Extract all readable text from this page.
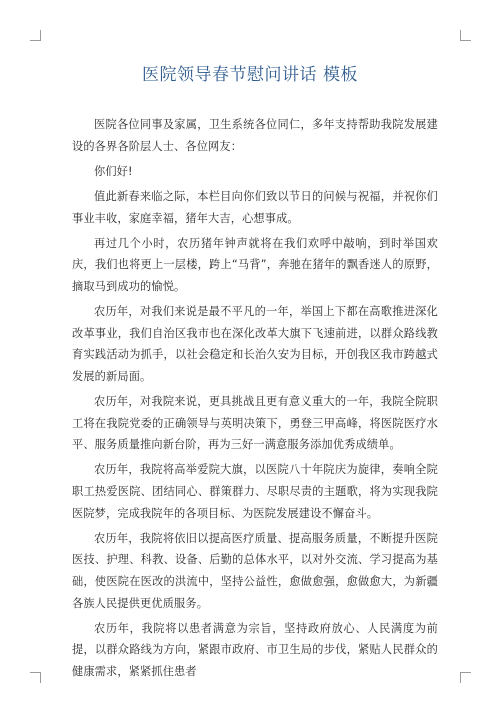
医院领导春节慰问讲话 模板

医院各位同事及家属，卫生系统各位同仁，多年支持帮助我院发展建设的各界各阶层人士、各位网友：

你们好!

值此新春来临之际，本栏目向你们致以节日的问候与祝福，并祝你们事业丰收，家庭幸福，猪年大吉，心想事成。

再过几个小时，农历猪年钟声就将在我们欢呼中敲响，到时举国欢庆，我们也将更上一层楼，跨上“马背”，奔驰在猪年的飘香迷人的原野，摘取马到成功的愉悦。

农历年，对我们来说是最不平凡的一年，举国上下都在高歌推进深化改革事业，我们自治区我市也在深化改革大旗下飞速前进，以群众路线教育实践活动为抓手，以社会稳定和长治久安为目标，开创我区我市跨越式发展的新局面。

农历年，对我院来说，更具挑战且更有意义重大的一年，我院全院职工将在我院党委的正确领导与英明决策下，勇登三甲高峰，将医院医疗水平、服务质量推向新台阶，再为三好一满意服务添加优秀成绩单。

农历年，我院将高举爱院大旗，以医院八十年院庆为旋律，奏响全院职工热爱医院、团结同心、群策群力、尽职尽责的主题歌，将为实现我院医院梦，完成我院年的各项目标、为医院发展建设不懈奋斗。

农历年，我院将依旧以提高医疗质量、提高服务质量，不断提升医院医技、护理、科教、设备、后勤的总体水平，以对外交流、学习提高为基础，使医院在医改的洪流中，坚持公益性，愈做愈强，愈做愈大，为新疆各族人民提供更优质服务。

农历年，我院将以患者满意为宗旨，坚持政府放心、人民满度为前提，以群众路线为方向，紧跟市政府、市卫生局的步伐，紧贴人民群众的健康需求，紧紧抓住患者
